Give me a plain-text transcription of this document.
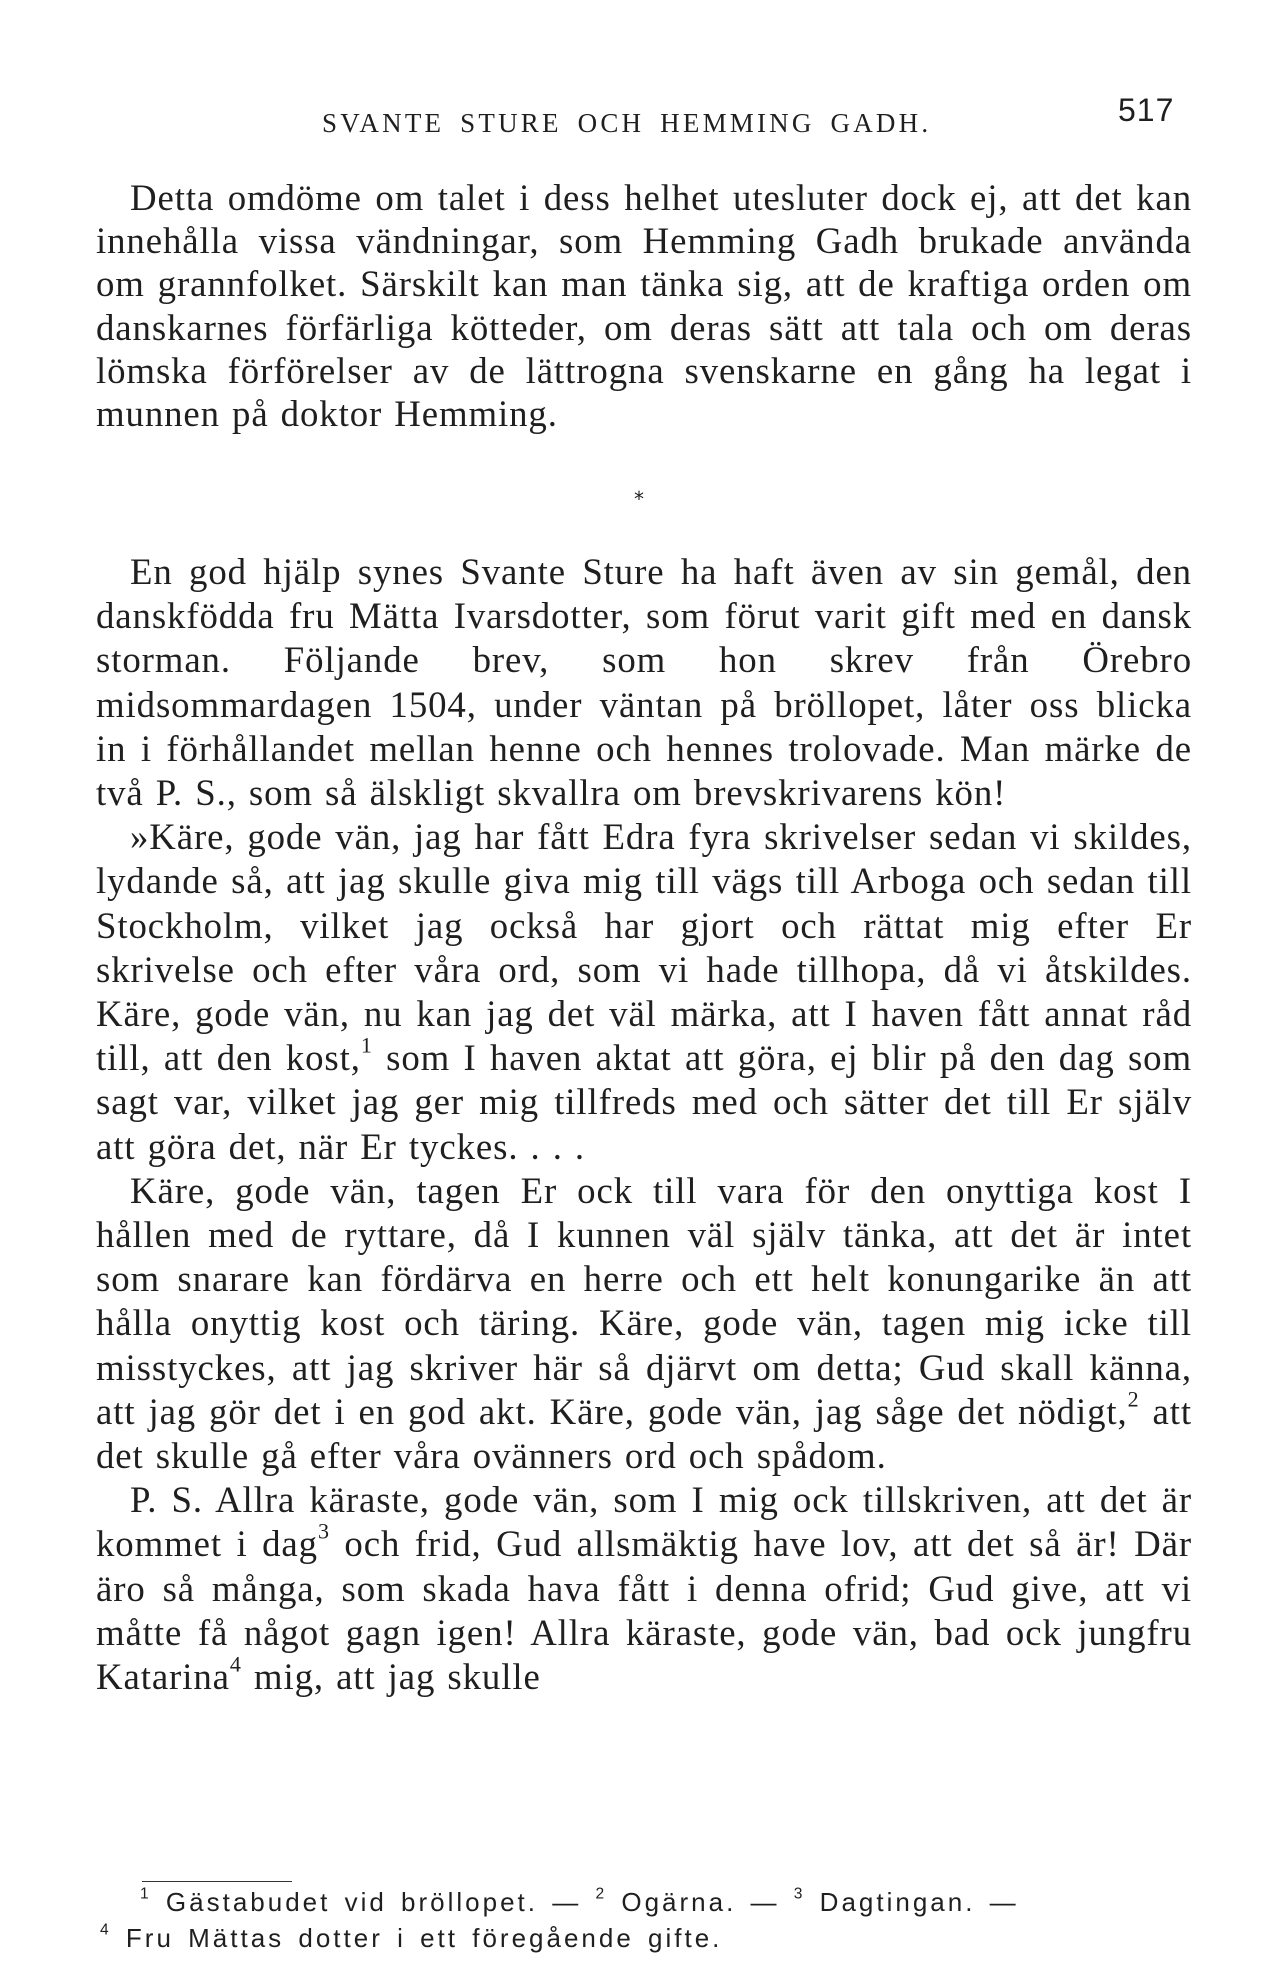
SVANTE STURE OCH HEMMING GADH.	517

Detta omdöme om talet i dess helhet utesluter dock ej, att det kan innehålla vissa vändningar, som Hemming Gadh brukade använda om grannfolket. Särskilt kan man tänka sig, att de kraftiga orden om danskarnes förfärliga kötteder, om deras sätt att tala och om deras lömska förförelser av de lättrogna svenskarne en gång ha legat i munnen på doktor Hemming.

*

En god hjälp synes Svante Sture ha haft även av sin gemål, den danskfödda fru Mätta Ivarsdotter, som förut varit gift med en dansk storman. Följande brev, som hon skrev från Örebro midsommardagen 1504, under väntan på bröllopet, låter oss blicka in i förhållandet mellan henne och hennes trolovade. Man märke de två P. S., som så älskligt skvallra om brevskrivarens kön!

»Käre, gode vän, jag har fått Edra fyra skrivelser sedan vi skildes, lydande så, att jag skulle giva mig till vägs till Arboga och sedan till Stockholm, vilket jag också har gjort och rättat mig efter Er skrivelse och efter våra ord, som vi hade tillhopa, då vi åtskildes. Käre, gode vän, nu kan jag det väl märka, att I haven fått annat råd till, att den kost,$^1$ som I haven aktat att göra, ej blir på den dag som sagt var, vilket jag ger mig tillfreds med och sätter det till Er själv att göra det, när Er tyckes. . . .

Käre, gode vän, tagen Er ock till vara för den onyttiga kost I hållen med de ryttare, då I kunnen väl själv tänka, att det är intet som snarare kan fördärva en herre och ett helt konungarike än att hålla onyttig kost och täring. Käre, gode vän, tagen mig icke till misstyckes, att jag skriver här så djärvt om detta; Gud skall känna, att jag gör det i en god akt. Käre, gode vän, jag såge det nödigt,$^2$ att det skulle gå efter våra ovänners ord och spådom.

P. S. Allra käraste, gode vän, som I mig ock tillskriven, att det är kommet i dag$^3$ och frid, Gud allsmäktig have lov, att det så är! Där äro så många, som skada hava fått i denna ofrid; Gud give, att vi måtte få något gagn igen! Allra käraste, gode vän, bad ock jungfru Katarina$^4$ mig, att jag skulle

$^1$ Gästabudet vid bröllopet. — $^2$ Ogärna. — $^3$ Dagtingan. —

$^4$ Fru Mättas dotter i ett föregående gifte.
